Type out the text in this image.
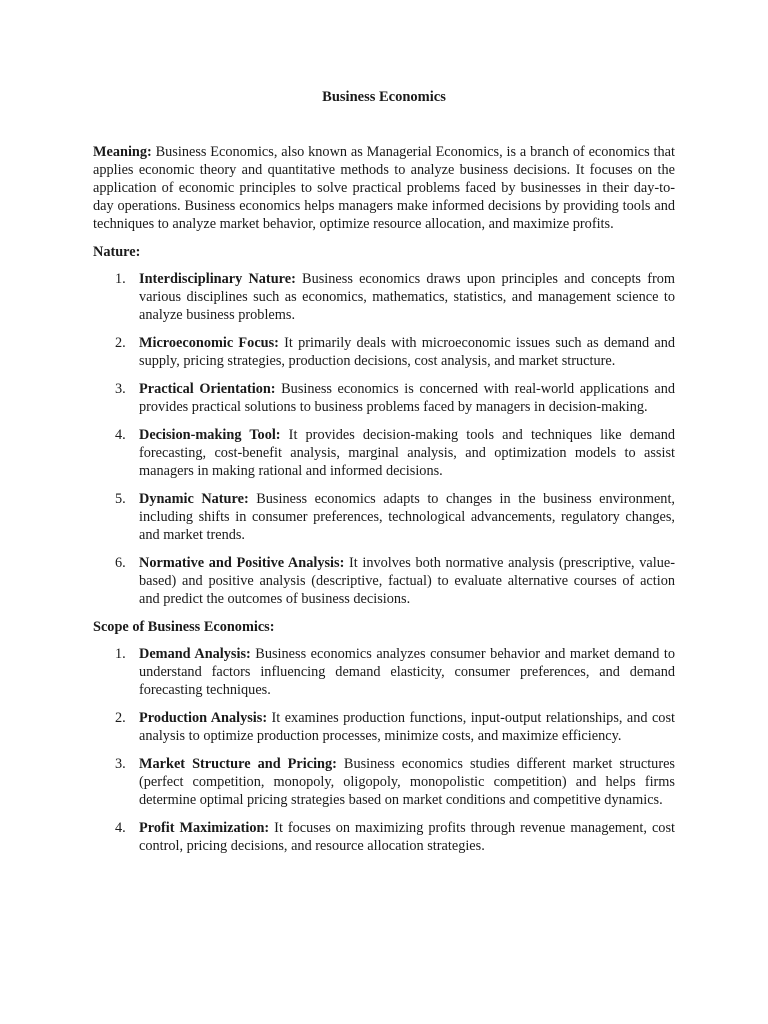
Business Economics

Meaning: Business Economics, also known as Managerial Economics, is a branch of economics that applies economic theory and quantitative methods to analyze business decisions. It focuses on the application of economic principles to solve practical problems faced by businesses in their day-to-day operations. Business economics helps managers make informed decisions by providing tools and techniques to analyze market behavior, optimize resource allocation, and maximize profits.

Nature:

1. Interdisciplinary Nature: Business economics draws upon principles and concepts from various disciplines such as economics, mathematics, statistics, and management science to analyze business problems.
2. Microeconomic Focus: It primarily deals with microeconomic issues such as demand and supply, pricing strategies, production decisions, cost analysis, and market structure.
3. Practical Orientation: Business economics is concerned with real-world applications and provides practical solutions to business problems faced by managers in decision-making.
4. Decision-making Tool: It provides decision-making tools and techniques like demand forecasting, cost-benefit analysis, marginal analysis, and optimization models to assist managers in making rational and informed decisions.
5. Dynamic Nature: Business economics adapts to changes in the business environment, including shifts in consumer preferences, technological advancements, regulatory changes, and market trends.
6. Normative and Positive Analysis: It involves both normative analysis (prescriptive, value-based) and positive analysis (descriptive, factual) to evaluate alternative courses of action and predict the outcomes of business decisions.

Scope of Business Economics:

1. Demand Analysis: Business economics analyzes consumer behavior and market demand to understand factors influencing demand elasticity, consumer preferences, and demand forecasting techniques.
2. Production Analysis: It examines production functions, input-output relationships, and cost analysis to optimize production processes, minimize costs, and maximize efficiency.
3. Market Structure and Pricing: Business economics studies different market structures (perfect competition, monopoly, oligopoly, monopolistic competition) and helps firms determine optimal pricing strategies based on market conditions and competitive dynamics.
4. Profit Maximization: It focuses on maximizing profits through revenue management, cost control, pricing decisions, and resource allocation strategies.
